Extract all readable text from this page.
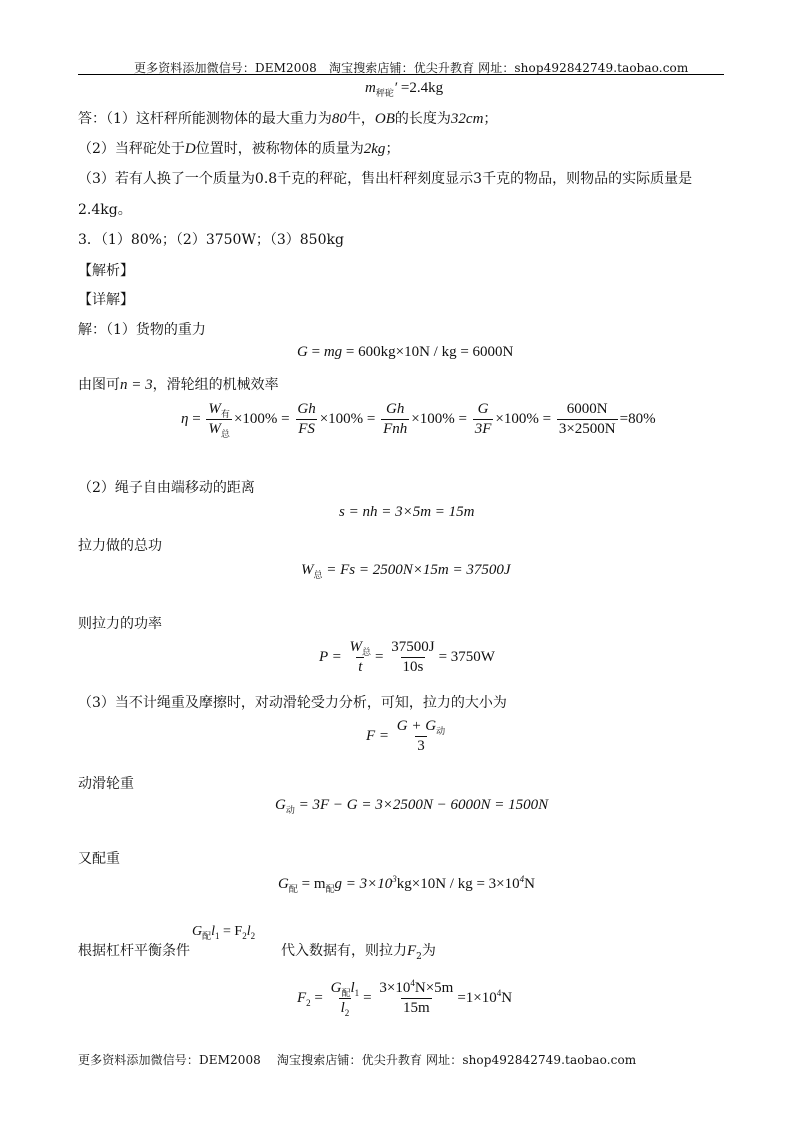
更多资料添加微信号：DEM2008　淘宝搜索店铺：优尖升教育 网址：shop492842749.taobao.com
$m_{秤砣}' =2.4kg$
答：（1）这杆秤所能测物体的最大重力为80牛，OB的长度为32cm；
（2）当秤砣处于D位置时，被称物体的质量为2kg；
（3）若有人换了一个质量为0.8千克的秤砣，售出杆秤刻度显示3千克的物品，则物品的实际质量是
2.4kg。
3．（1）80%；（2）3750W；（3）850kg
【解析】
【详解】
解：（1）货物的重力
G = mg = 600kg×10N / kg = 6000N
由图可n = 3，滑轮组的机械效率
$\eta = \frac{W_有}{W_总} \times 100\% = \frac{Gh}{FS} \times 100\% = \frac{Gh}{\text{Fnh}} \times 100\% = \frac{G}{3F} \times 100\% = \frac{6000N}{3\times 2500N} =80\%$
（2）绳子自由端移动的距离
s = nh = 3×5m = 15m
拉力做的总功
$W_总 = Fs = 2500N\times 15m = 37500J$
则拉力的功率
$P = \frac{W_总}{t} = \frac{37500J}{10s} = 3750W$
（3）当不计绳重及摩擦时，对动滑轮受力分析，可知，拉力的大小为
$F = \frac{G + G_动}{3}$
动滑轮重
$G_动 = 3F - G = 3\times 2500N - 6000N = 1500N$
又配重
$G_配 = m_配g = 3\times 10^3kg\times 10N$ / kg = $3\times 10^4N$
根据杠杆平衡条件
$G_配l_1 = F_2l_2$
代入数据有，则拉力$F_2$为
$F_2 = \frac{G_配l_1}{l_2} = \frac{3\times 10^4N\times 5m}{15m} =1\times 10^4N$
更多资料添加微信号：DEM2008　 淘宝搜索店铺：优尖升教育 网址：shop492842749.taobao.com
